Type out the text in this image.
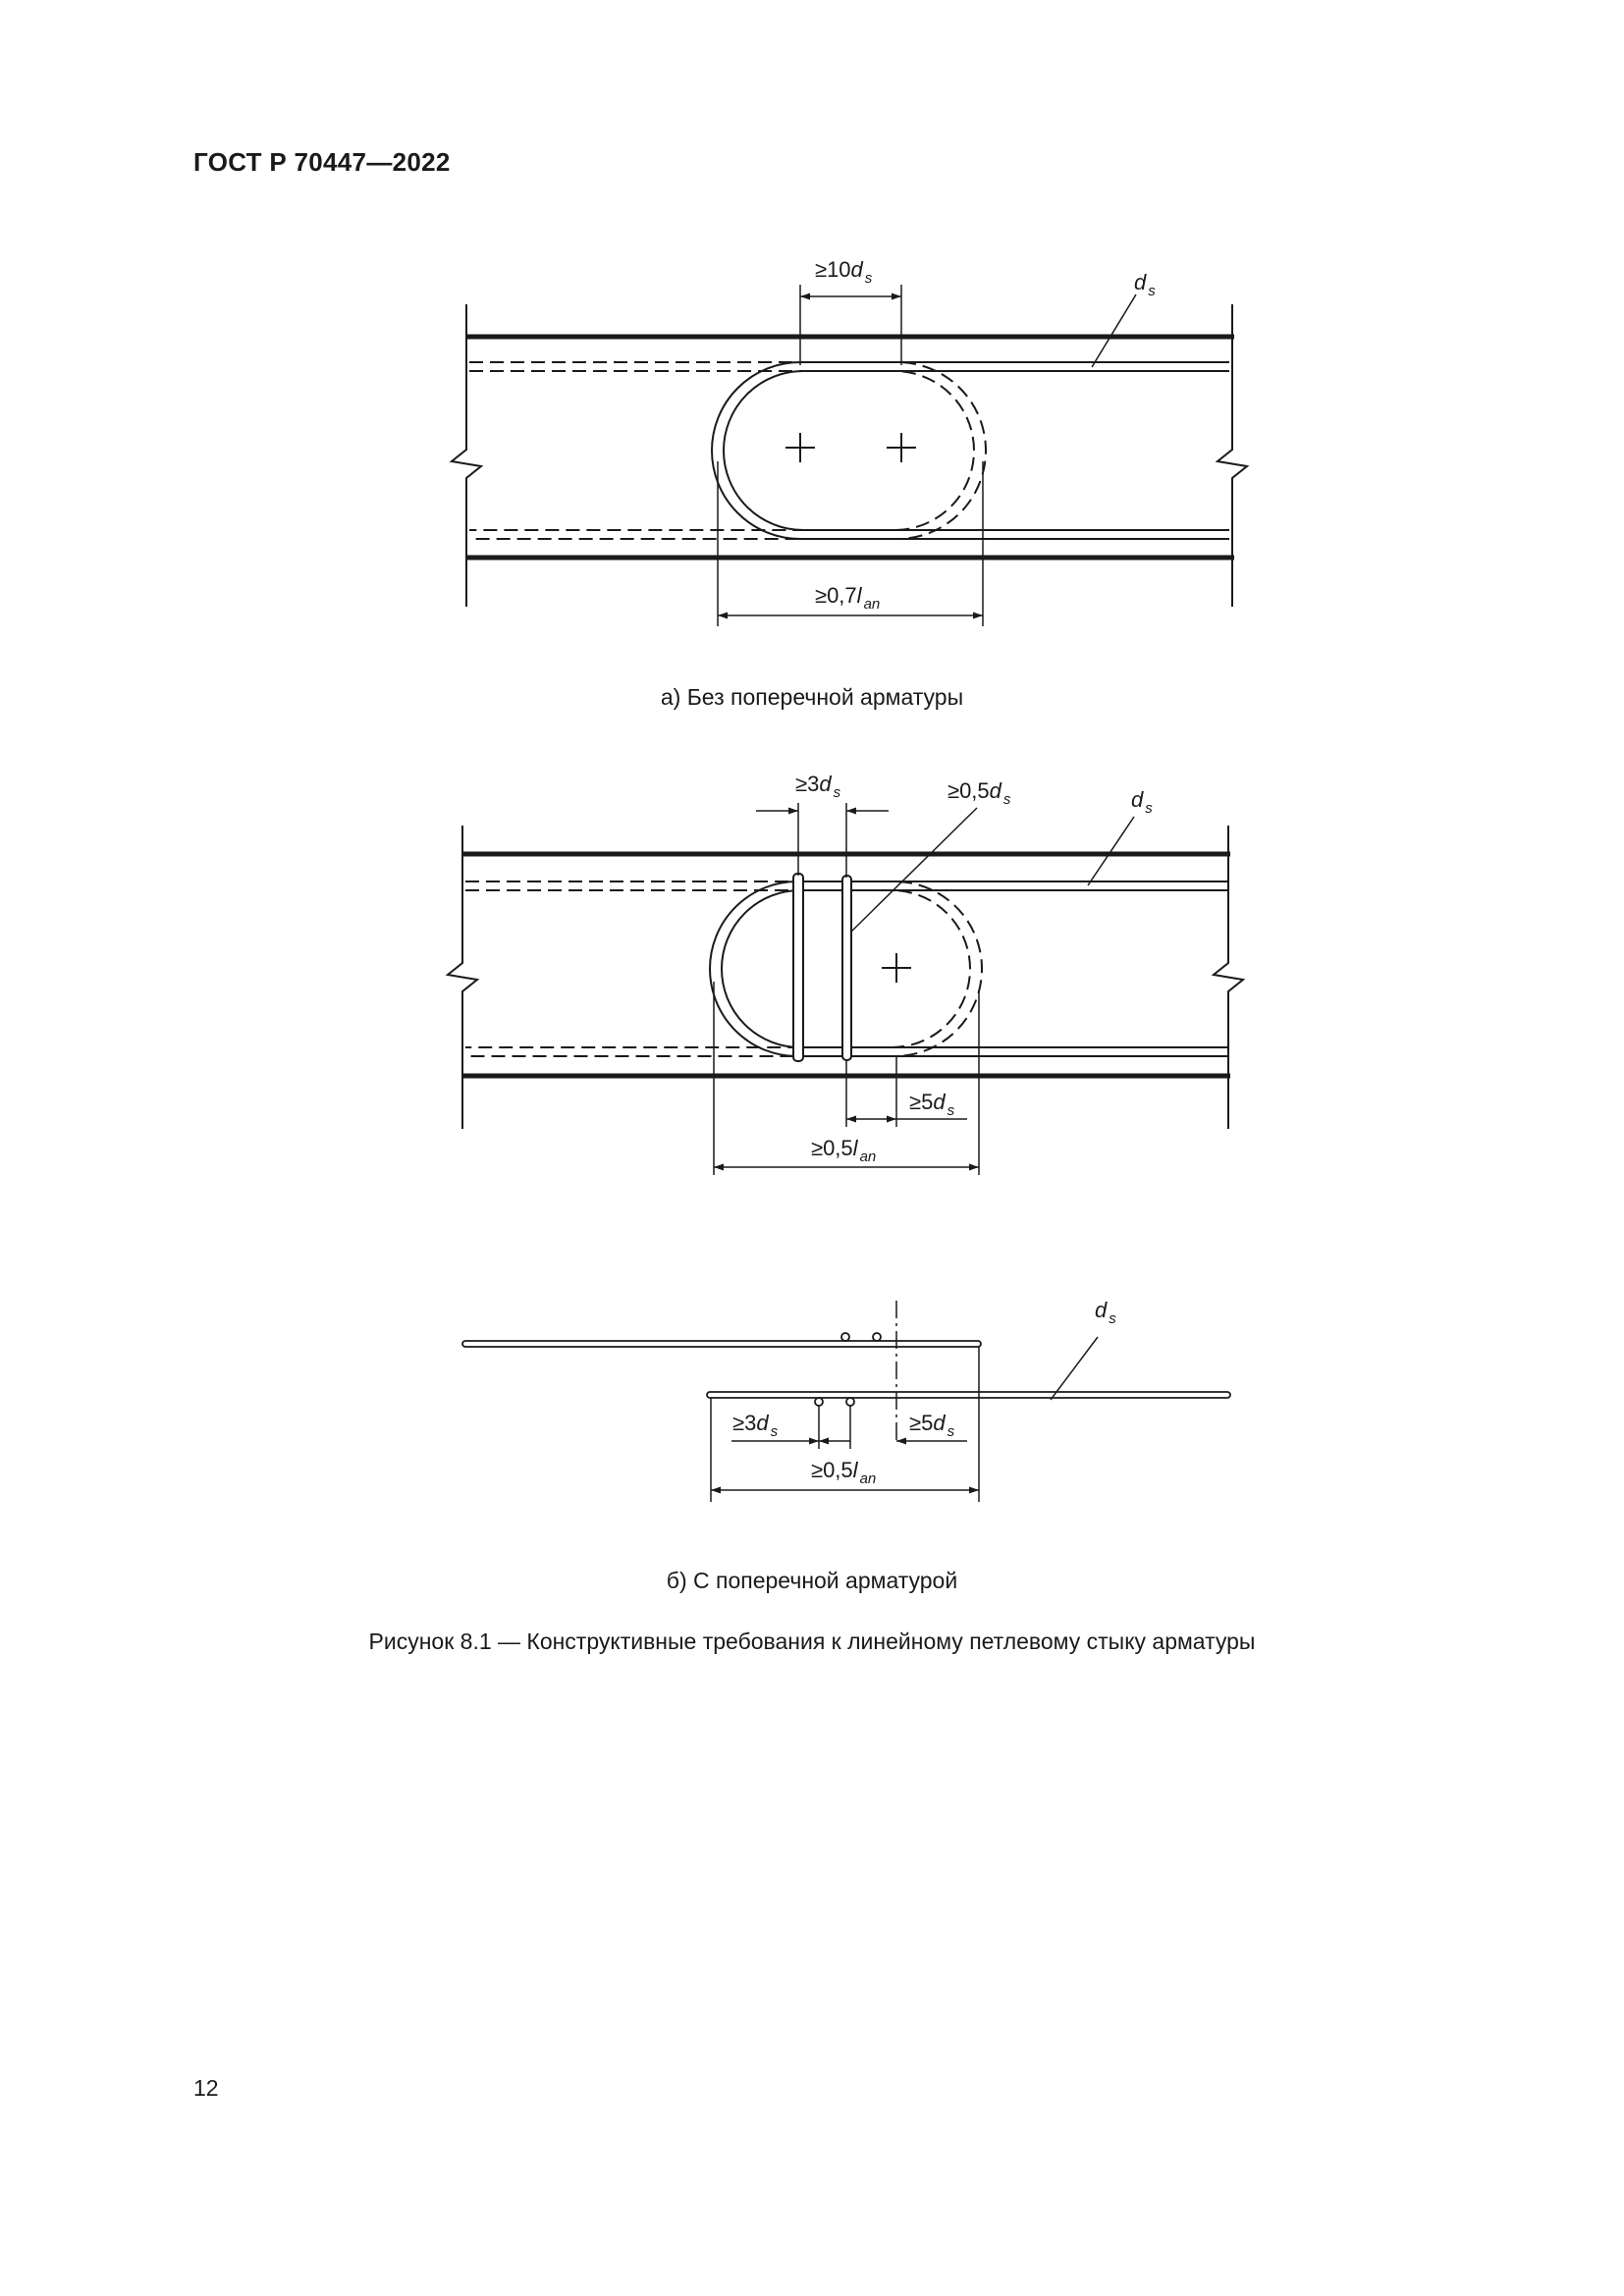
ГОСТ Р 70447—2022
≥10d $_s$	d $_s$
≥0,7l $_{an}$
≥3d $_s$	≥0,5d $_s$	d $_s$
≥5d $_s$
≥0,5l $_{an}$
d $_s$
≥3d $_s$	≥5d $_s$
≥0,5l $_{an}$
а) Без поперечной арматуры
б) С поперечной арматурой
Рисунок 8.1 — Конструктивные требования к линейному петлевому стыку арматуры
12
